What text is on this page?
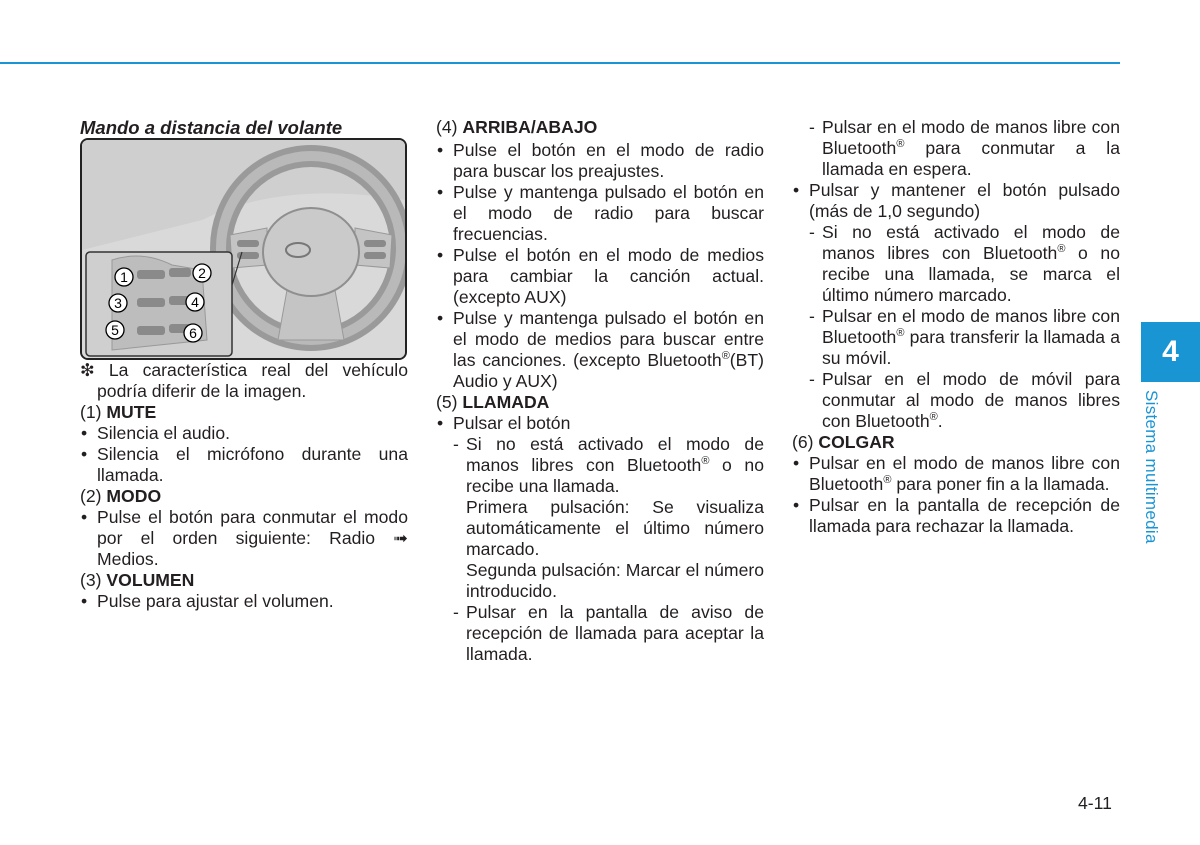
Mando a distancia del volante

1	2
3	4
5	6

❇ La característica real del vehículo podría diferir de la imagen.

(1) MUTE

• Silencia el audio.

• Silencia el micrófono durante una llamada.

(2) MODO

• Pulse el botón para conmutar el modo por el orden siguiente: Radio ➟ Medios.

(3) VOLUMEN

• Pulse para ajustar el volumen.

(4) ARRIBA/ABAJO

• Pulse el botón en el modo de radio para buscar los preajustes.

• Pulse y mantenga pulsado el botón en el modo de radio para buscar frecuencias.

• Pulse el botón en el modo de medios para cambiar la canción actual. (excepto AUX)

• Pulse y mantenga pulsado el botón en el modo de medios para buscar entre las canciones. (excepto Bluetooth®(BT) Audio y AUX)

(5) LLAMADA

• Pulsar el botón

- Si no está activado el modo de manos libres con Bluetooth® o no recibe una llamada.

Primera pulsación: Se visualiza automáticamente el último número marcado.

Segunda pulsación: Marcar el número introducido.

- Pulsar en la pantalla de aviso de recepción de llamada para aceptar la llamada.

- Pulsar en el modo de manos libre con Bluetooth® para conmutar a la llamada en espera.

• Pulsar y mantener el botón pulsado (más de 1,0 segundo)

- Si no está activado el modo de manos libres con Bluetooth® o no recibe una llamada, se marca el último número marcado.

- Pulsar en el modo de manos libre con Bluetooth® para transferir la llamada a su móvil.

- Pulsar en el modo de móvil para conmutar al modo de manos libres con Bluetooth®.

(6) COLGAR

• Pulsar en el modo de manos libre con Bluetooth® para poner fin a la llamada.

• Pulsar en la pantalla de recepción de llamada para rechazar la llamada.

4
Sistema multimedia
4-11
